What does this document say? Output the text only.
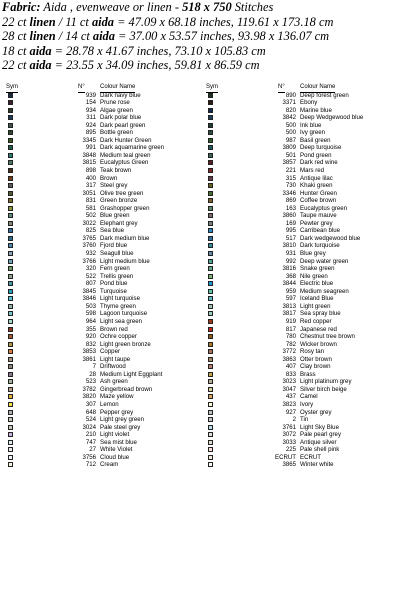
Fabric: Aida , evenweave or linen - 518 x 750 Stitches
22 ct linen / 11 ct aida = 47.09 x 68.18 inches, 119.61 x 173.18 cm
28 ct linen / 14 ct aida = 37.00 x 53.57 inches, 93.98 x 136.07 cm
18 ct aida = 28.78 x 41.67 inches, 73.10 x 105.83 cm
22 ct aida = 23.55 x 34.09 inches, 59.81 x 86.59 cm
Sym	N°	Colour Name
939 Dark navy blue
154 Prune rose
934 Algae green
311 Dark polar blue
924 Dark pearl green
895 Bottle green
3345 Dark Hunter Green
991 Dark aquamarine green
3848 Medium teal green
3815 Eucalyptus Green
898 Teak brown
400 Brown
317 Steel grey
3051 Olive tree green
831 Green bronze
581 Grashopper green
502 Blue green
3022 Elephant grey
825 Sea blue
3765 Dark medium blue
3760 Fjord blue
932 Seagull blue
3766 Light medium blue
320 Fern green
522 Trellis green
807 Pond blue
3845 Turquoise
3846 Light turquoise
503 Thyme green
598 Lagoon turquoise
964 Light sea green
355 Brown red
920 Ochre copper
832 Light green bronze
3853 Copper
3861 Light taupe
7 Driftwood
28 Medium Light Eggplant
523 Ash green
3782 Gingerbread brown
3820 Maze yellow
307 Lemon
648 Pepper grey
524 Light grey green
3024 Pale steel grey
210 Light violet
747 Sea mist blue
27 White Violet
3756 Cloud blue
712 Cream
Sym	N°	Colour Name
890 Deep forest green
3371 Ebony
820 Marine blue
3842 Deep Wedgewood blue
500 Ink blue
500 Ivy green
987 Basil green
3809 Deep turquoise
501 Pond green
3857 Dark red wine
221 Mars red
315 Antique lilac
730 Khaki green
3346 Hunter Green
869 Coffee brown
163 Eucalyptus green
3860 Taupe mauve
169 Pewter grey
995 Carribean blue
517 Dark wedgewood blue
3810 Dark turquoise
931 Blue grey
992 Deep water green
3816 Snake green
368 Nile green
3844 Electric blue
959 Medium seagreen
597 Iceland Blue
3813 Light green
3817 Sea spray blue
919 Red copper
817 Japanese red
780 Chestnut tree brown
782 Wicker brown
3772 Rosy tan
3863 Otter brown
407 Clay brown
833 Brass
3023 Light platinum grey
3047 Silver birch beige
437 Camel
3823 Ivory
927 Oyster grey
2 Tin
3761 Light Sky Blue
3072 Pale pearl grey
3033 Antique silver
225 Pale shell pink
ECRUT ECRUT
3865 Winter white
